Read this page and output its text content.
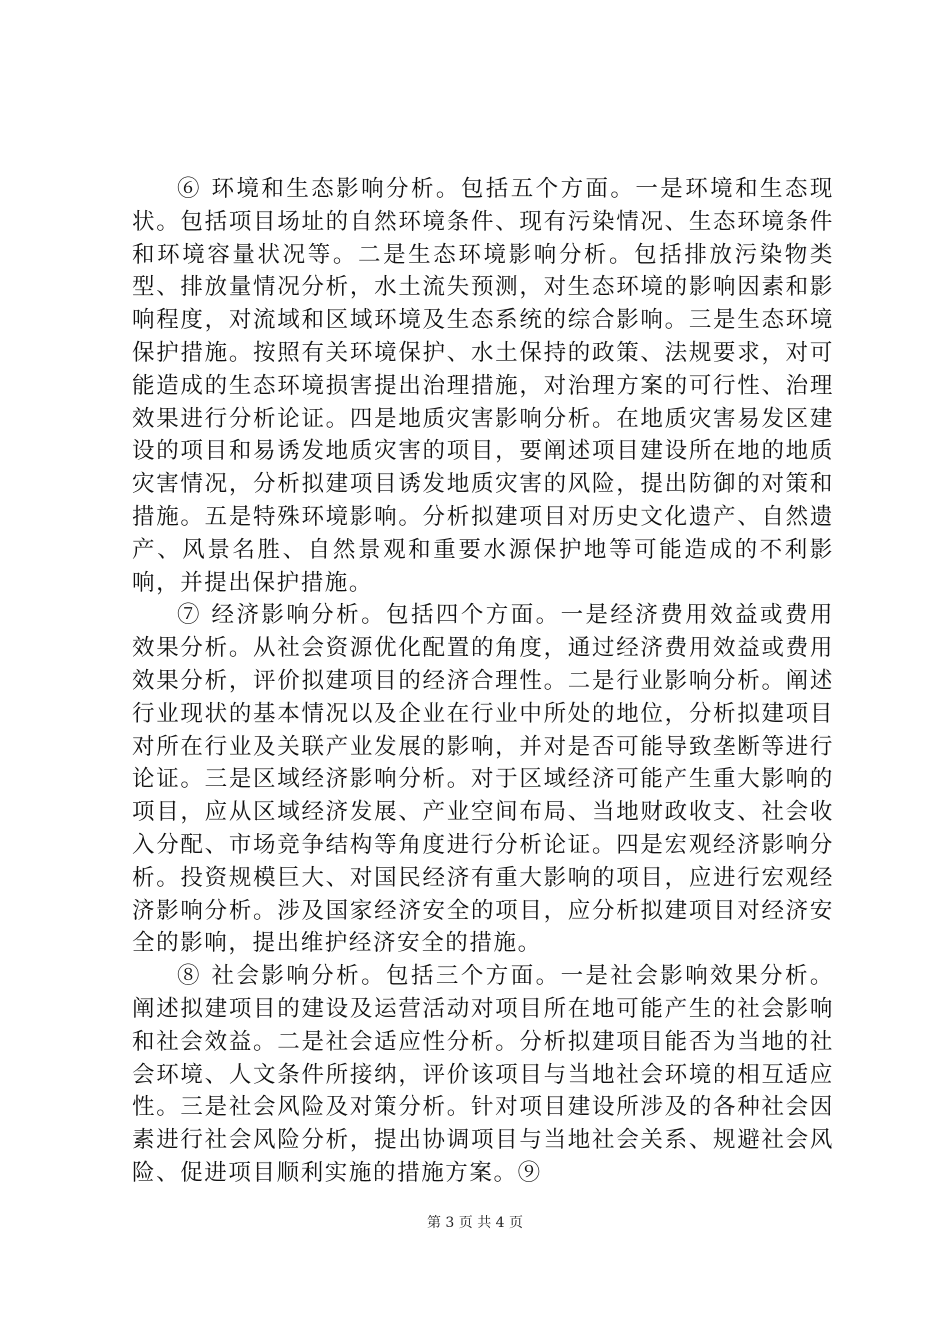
⑥ 环境和生态影响分析。包括五个方面。一是环境和生态现状。包括项目场址的自然环境条件、现有污染情况、生态环境条件和环境容量状况等。二是生态环境影响分析。包括排放污染物类型、排放量情况分析，水土流失预测，对生态环境的影响因素和影响程度，对流域和区域环境及生态系统的综合影响。三是生态环境保护措施。按照有关环境保护、水土保持的政策、法规要求，对可能造成的生态环境损害提出治理措施，对治理方案的可行性、治理效果进行分析论证。四是地质灾害影响分析。在地质灾害易发区建设的项目和易诱发地质灾害的项目，要阐述项目建设所在地的地质灾害情况，分析拟建项目诱发地质灾害的风险，提出防御的对策和措施。五是特殊环境影响。分析拟建项目对历史文化遗产、自然遗产、风景名胜、自然景观和重要水源保护地等可能造成的不利影响，并提出保护措施。

⑦ 经济影响分析。包括四个方面。一是经济费用效益或费用效果分析。从社会资源优化配置的角度，通过经济费用效益或费用效果分析，评价拟建项目的经济合理性。二是行业影响分析。阐述行业现状的基本情况以及企业在行业中所处的地位，分析拟建项目对所在行业及关联产业发展的影响，并对是否可能导致垄断等进行论证。三是区域经济影响分析。对于区域经济可能产生重大影响的项目，应从区域经济发展、产业空间布局、当地财政收支、社会收入分配、市场竞争结构等角度进行分析论证。四是宏观经济影响分析。投资规模巨大、对国民经济有重大影响的项目，应进行宏观经济影响分析。涉及国家经济安全的项目，应分析拟建项目对经济安全的影响，提出维护经济安全的措施。

⑧ 社会影响分析。包括三个方面。一是社会影响效果分析。阐述拟建项目的建设及运营活动对项目所在地可能产生的社会影响和社会效益。二是社会适应性分析。分析拟建项目能否为当地的社会环境、人文条件所接纳，评价该项目与当地社会环境的相互适应性。三是社会风险及对策分析。针对项目建设所涉及的各种社会因素进行社会风险分析，提出协调项目与当地社会关系、规避社会风险、促进项目顺利实施的措施方案。⑨

第 3 页 共 4 页
